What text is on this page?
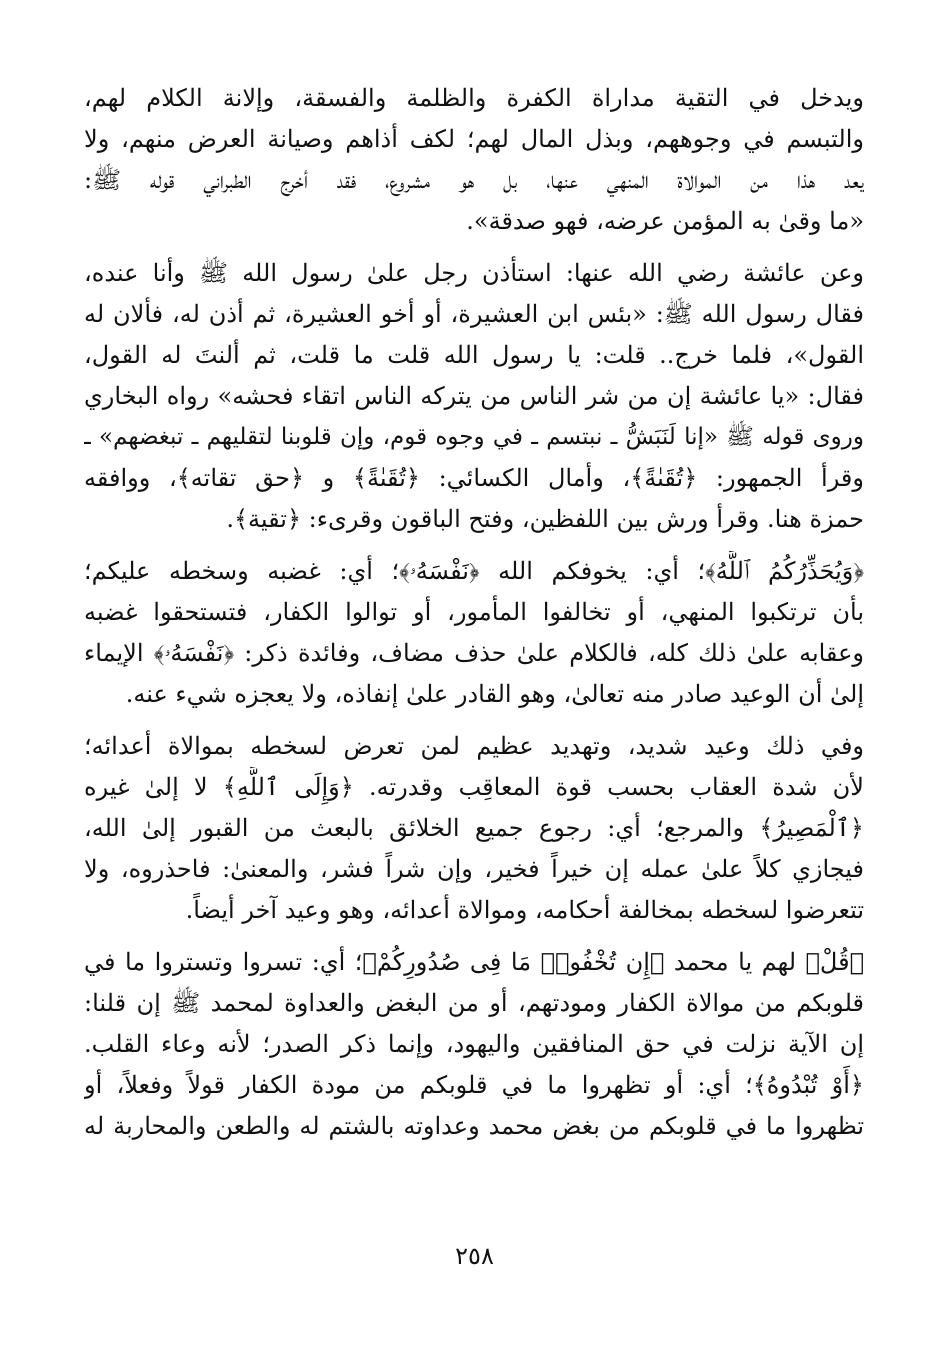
ويدخل في التقية مداراة الكفرة والظلمة والفسقة، وإلانة الكلام لهم،
والتبسم في وجوههم، وبذل المال لهم؛ لكف أذاهم وصيانة العرض منهم، ولا
يعد هذا من الموالاة المنهي عنها، بل هو مشروع، فقد أخرج الطبراني قوله ﷺ:
«ما وقىٰ به المؤمن عرضه، فهو صدقة».
وعن عائشة رضي الله عنها: استأذن رجل علىٰ رسول الله ﷺ وأنا عنده،
فقال رسول الله ﷺ: «بئس ابن العشيرة، أو أخو العشيرة، ثم أذن له، فألان له
القول»، فلما خرج.. قلت: يا رسول الله قلت ما قلت، ثم ألنتَ له القول،
فقال: «يا عائشة إن من شر الناس من يتركه الناس اتقاء فحشه» رواه البخاري
وروى قوله ﷺ «إنا لَنَبَشُّ ـ نبتسم ـ في وجوه قوم، وإن قلوبنا لتقليهم ـ تبغضهم» ـ
وقرأ الجمهور: ﴿تُقَىٰةً﴾، وأمال الكسائي: ﴿تُقَىٰةً﴾ و ﴿حق تقاته﴾، ووافقه
حمزة هنا. وقرأ ورش بين اللفظين، وفتح الباقون وقرىء: ﴿تقية﴾.
﴿وَيُحَذِّرُكُمُ ٱللَّهُ﴾؛ أي: يخوفكم الله ﴿نَفْسَهُۥ﴾؛ أي: غضبه وسخطه عليكم؛
بأن ترتكبوا المنهي، أو تخالفوا المأمور، أو توالوا الكفار، فتستحقوا غضبه
وعقابه علىٰ ذلك كله، فالكلام علىٰ حذف مضاف، وفائدة ذكر: ﴿نَفْسَهُۥ﴾ الإيماء
إلىٰ أن الوعيد صادر منه تعالىٰ، وهو القادر علىٰ إنفاذه، ولا يعجزه شيء عنه.
وفي ذلك وعيد شديد، وتهديد عظيم لمن تعرض لسخطه بموالاة أعدائه؛
لأن شدة العقاب بحسب قوة المعاقِب وقدرته. ﴿وَإِلَى ٱللَّهِ﴾ لا إلىٰ غيره
﴿ٱلْمَصِيرُ﴾ والمرجع؛ أي: رجوع جميع الخلائق بالبعث من القبور إلىٰ الله،
فيجازي كلاً علىٰ عمله إن خيراً فخير، وإن شراً فشر، والمعنىٰ: فاحذروه، ولا
تتعرضوا لسخطه بمخالفة أحكامه، وموالاة أعدائه، وهو وعيد آخر أيضاً.
﴿قُلْ﴾ لهم يا محمد ﴿إِن تُخْفُوا۟ مَا فِى صُدُورِكُمْ﴾؛ أي: تسروا وتستروا ما في
قلوبكم من موالاة الكفار ومودتهم، أو من البغض والعداوة لمحمد ﷺ إن قلنا:
إن الآية نزلت في حق المنافقين واليهود، وإنما ذكر الصدر؛ لأنه وعاء القلب.
﴿أَوْ تُبْدُوهُ﴾؛ أي: أو تظهروا ما في قلوبكم من مودة الكفار قولاً وفعلاً، أو
تظهروا ما في قلوبكم من بغض محمد وعداوته بالشتم له والطعن والمحاربة له
٢٥٨
